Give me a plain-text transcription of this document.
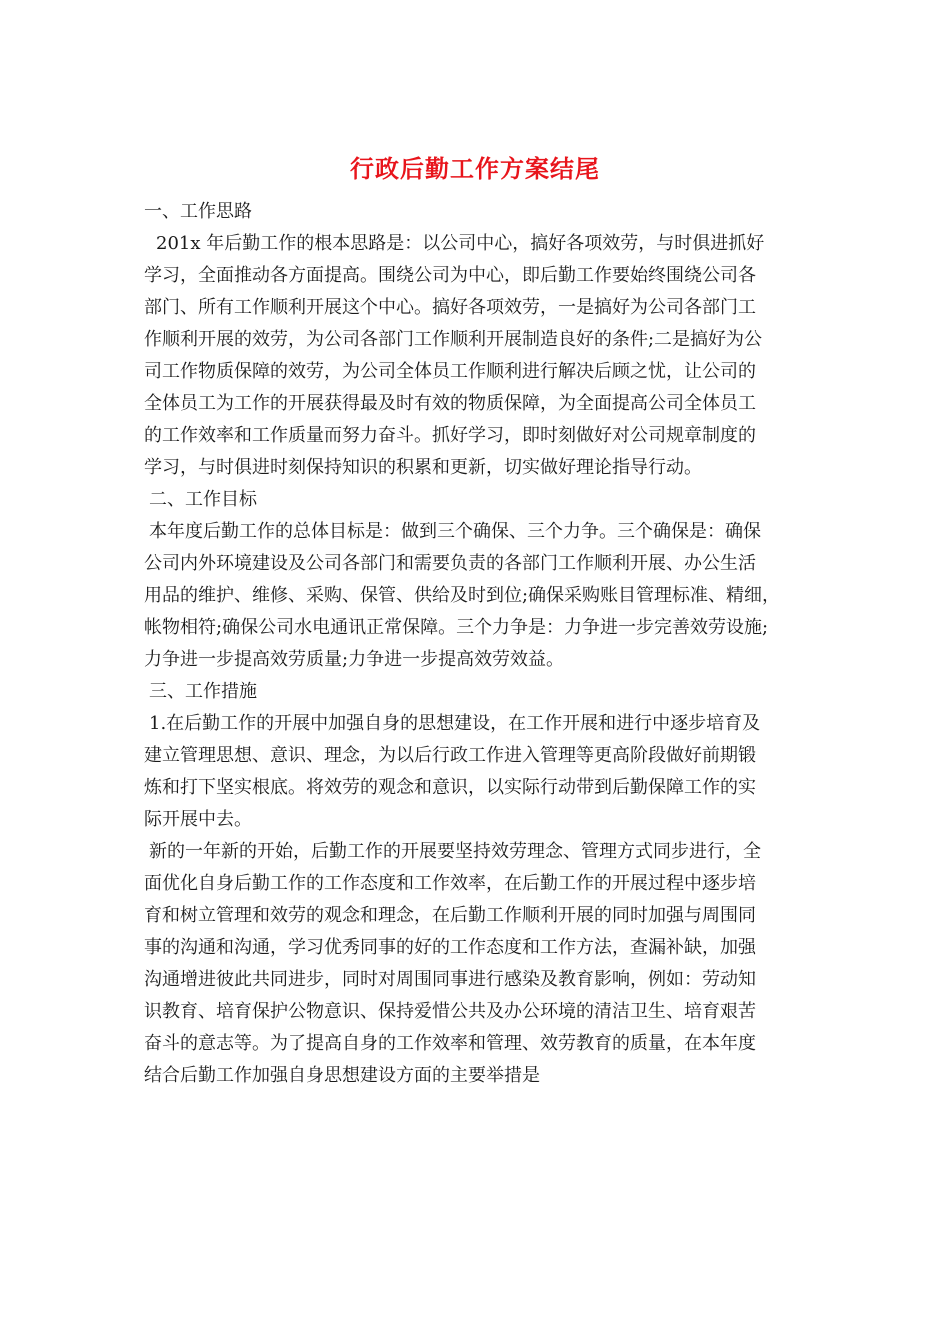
行政后勤工作方案结尾
一、工作思路
201x 年后勤工作的根本思路是：以公司中心，搞好各项效劳，与时俱进抓好
学习，全面推动各方面提高。围绕公司为中心，即后勤工作要始终围绕公司各
部门、所有工作顺利开展这个中心。搞好各项效劳，一是搞好为公司各部门工
作顺利开展的效劳，为公司各部门工作顺利开展制造良好的条件;二是搞好为公
司工作物质保障的效劳，为公司全体员工作顺利进行解决后顾之忧，让公司的
全体员工为工作的开展获得最及时有效的物质保障，为全面提高公司全体员工
的工作效率和工作质量而努力奋斗。抓好学习，即时刻做好对公司规章制度的
学习，与时俱进时刻保持知识的积累和更新，切实做好理论指导行动。
二、工作目标
本年度后勤工作的总体目标是：做到三个确保、三个力争。三个确保是：确保
公司内外环境建设及公司各部门和需要负责的各部门工作顺利开展、办公生活
用品的维护、维修、采购、保管、供给及时到位;确保采购账目管理标准、精细，
帐物相符;确保公司水电通讯正常保障。三个力争是：力争进一步完善效劳设施;
力争进一步提高效劳质量;力争进一步提高效劳效益。
三、工作措施
1.在后勤工作的开展中加强自身的思想建设，在工作开展和进行中逐步培育及
建立管理思想、意识、理念，为以后行政工作进入管理等更高阶段做好前期锻
炼和打下坚实根底。将效劳的观念和意识，以实际行动带到后勤保障工作的实
际开展中去。
新的一年新的开始，后勤工作的开展要坚持效劳理念、管理方式同步进行，全
面优化自身后勤工作的工作态度和工作效率，在后勤工作的开展过程中逐步培
育和树立管理和效劳的观念和理念，在后勤工作顺利开展的同时加强与周围同
事的沟通和沟通，学习优秀同事的好的工作态度和工作方法，查漏补缺，加强
沟通增进彼此共同进步，同时对周围同事进行感染及教育影响，例如：劳动知
识教育、培育保护公物意识、保持爱惜公共及办公环境的清洁卫生、培育艰苦
奋斗的意志等。为了提高自身的工作效率和管理、效劳教育的质量，在本年度
结合后勤工作加强自身思想建设方面的主要举措是
